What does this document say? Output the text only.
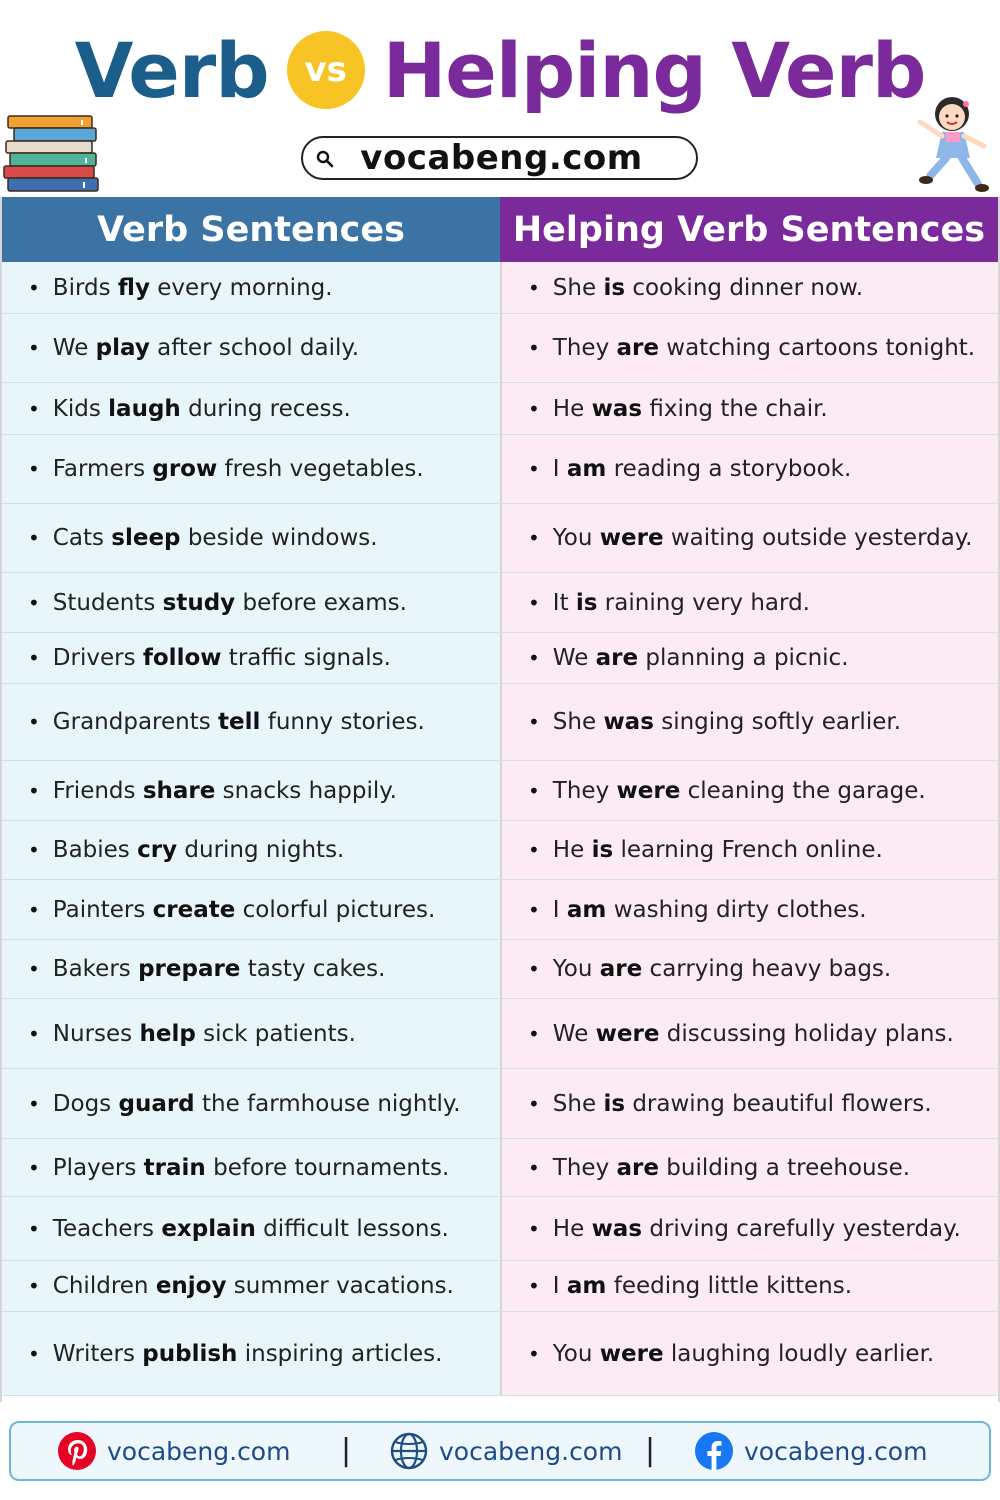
Verb	vs Helping Verb
vocabeng.com
Verb Sentences	Helping Verb Sentences
• Birds fly every morning.	• She is cooking dinner now.
• We play after school daily.	• They are watching cartoons tonight.
• Kids laugh during recess.	• He was fixing the chair.
• Farmers grow fresh vegetables.	• I am reading a storybook.
• Cats sleep beside windows.	• You were waiting outside yesterday.
• Students study before exams.	• It is raining very hard.
• Drivers follow traffic signals.	• We are planning a picnic.
• Grandparents tell funny stories.	• She was singing softly earlier.
• Friends share snacks happily.	• They were cleaning the garage.
• Babies cry during nights.	• He is learning French online.
• Painters create colorful pictures.	• I am washing dirty clothes.
• Bakers prepare tasty cakes.	• You are carrying heavy bags.
• Nurses help sick patients.	• We were discussing holiday plans.
• Dogs guard the farmhouse nightly.	• She is drawing beautiful flowers.
• Players train before tournaments.	• They are building a treehouse.
• Teachers explain difficult lessons.	• He was driving carefully yesterday.
• Children enjoy summer vacations.	• I am feeding little kittens.
• Writers publish inspiring articles.	• You were laughing loudly earlier.
vocabeng.com |	vocabeng.com |	vocabeng.com
